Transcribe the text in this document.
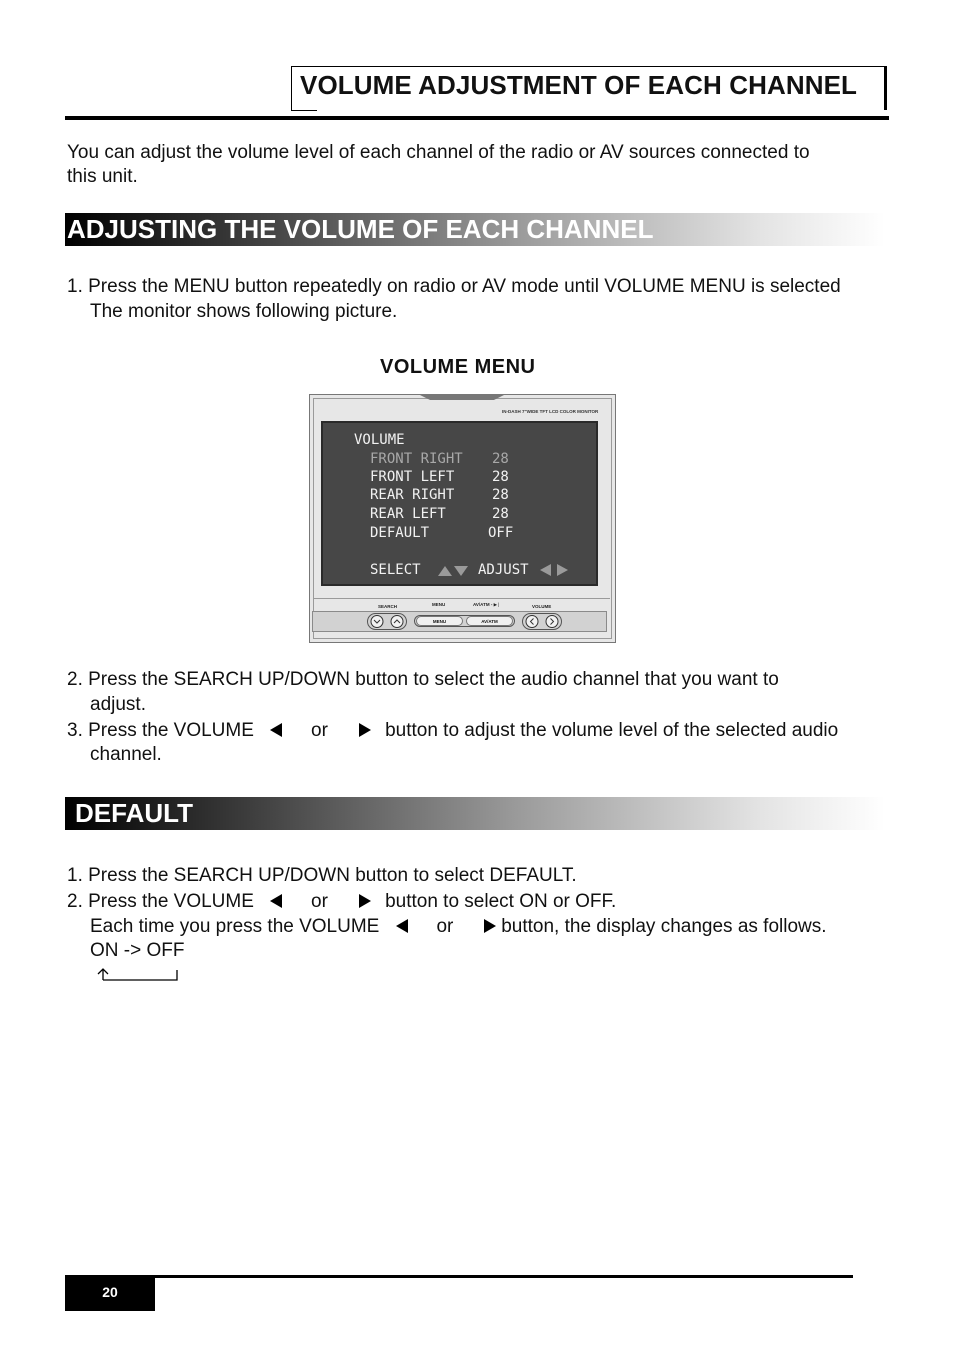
VOLUME ADJUSTMENT OF EACH CHANNEL
You can adjust the volume level of each channel of the radio or AV sources connected to
this unit.
ADJUSTING THE VOLUME OF EACH CHANNEL
1. Press the MENU button repeatedly on radio or AV mode until VOLUME MENU is selected
The monitor shows following picture.
VOLUME MENU
IN-DASH 7"WIDE TFT LCD COLOR MONITOR
VOLUME
FRONT RIGHT 28
FRONT LEFT	28
REAR RIGHT	28
REAR LEFT	28
DEFAULT	OFF
SELECT	ADJUST
SEARCH	MENU	AV/ATM - ▶❘	VOLUME
MENU	AV/ATM
2. Press the SEARCH UP/DOWN button to select the audio channel that you want to
adjust.
3. Press the VOLUME	or	button to adjust the volume level of the selected audio
channel.
DEFAULT
1. Press the SEARCH UP/DOWN button to select DEFAULT.
2. Press the VOLUME	or	button to select ON or OFF.
Each time you press the VOLUME	or	button, the display changes as follows.
ON -> OFF
20
